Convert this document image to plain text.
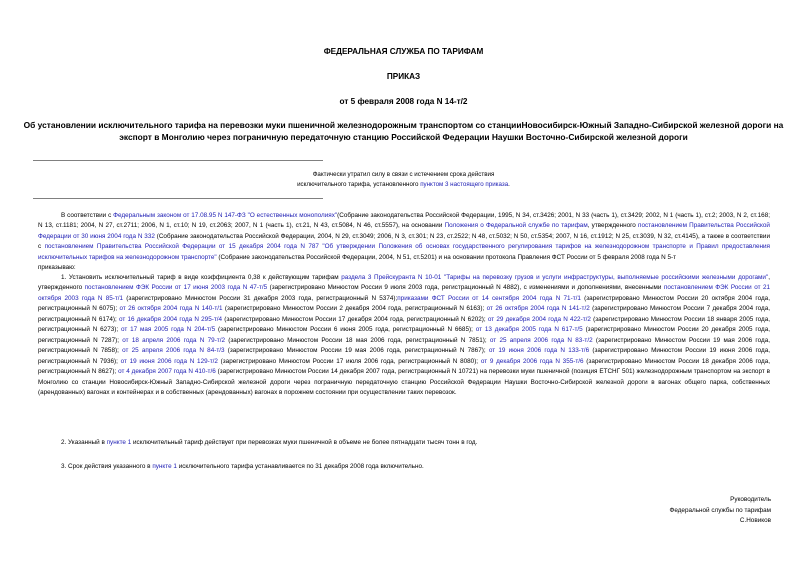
ФЕДЕРАЛЬНАЯ СЛУЖБА ПО ТАРИФАМ
ПРИКАЗ
от 5 февраля 2008 года N 14-т/2
Об установлении исключительного тарифа на перевозки муки пшеничной железнодорожным транспортом со станцииНовосибирск-Южный Западно-Сибирской железной дороги на экспорт в Монголию через пограничную передаточную станцию Российской Федерации Наушки Восточно-Сибирской железной дороги
Фактически утратил силу в связи с истечением срока действия
исключительного тарифа, установленного пунктом 3 настоящего приказа.

В соответствии с Федеральным законом от 17.08.95 N 147-ФЗ "О естественных монополиях"(Собрание законодательства Российской Федерации, 1995, N 34, ст.3426; 2001, N 33 (часть 1), ст.3429; 2002, N 1 (часть 1), ст.2; 2003, N 2, ст.168; N 13, ст.1181; 2004, N 27, ст.2711; 2006, N 1, ст.10; N 19, ст.2063; 2007, N 1 (часть 1), ст.21, N 43, ст.5084, N 46, ст.5557), на основании Положения о Федеральной службе по тарифам, утвержденного постановлением Правительства Российской Федерации от 30 июня 2004 года N 332 (Собрание законодательства Российской Федерации, 2004, N 29, ст.3049; 2006, N 3, ст.301; N 23, ст.2522; N 48, ст.5032; N 50, ст.5354; 2007, N 16, ст.1912; N 25, ст.3039, N 32, ст.4145), а также в соответствии с постановлением Правительства Российской Федерации от 15 декабря 2004 года N 787 "Об утверждении Положения об основах государственного регулирования тарифов на железнодорожном транспорте и Правил предоставления исключительных тарифов на железнодорожном транспорте" (Собрание законодательства Российской Федерации, 2004, N 51, ст.5201) и на основании протокола Правления ФСТ России от 5 февраля 2008 года N 5-т

приказываю:

1. Установить исключительный тариф в виде коэффициента 0,38 к действующим тарифам раздела 3 Прейскуранта N 10-01 "Тарифы на перевозку грузов и услуги инфраструктуры, выполняемые российскими железными дорогами", утвержденного постановлением ФЭК России от 17 июня 2003 года N 47-т/5 (зарегистрировано Минюстом России 9 июля 2003 года, регистрационный N 4882), с изменениями и дополнениями, внесенными постановлением ФЭК России от 21 октября 2003 года N 85-т/1 (зарегистрировано Минюстом России 31 декабря 2003 года, регистрационный N 5374);приказами ФСТ России от 14 сентября 2004 года N 71-т/1 (зарегистрировано Минюстом России 20 октября 2004 года, регистрационный N 6075); от 26 октября 2004 года N 140-т/1 (зарегистрировано Минюстом России 2 декабря 2004 года, регистрационный N 6163); от 26 октября 2004 года N 141-т/2 (зарегистрировано Минюстом России 7 декабря 2004 года, регистрационный N 6174); от 16 декабря 2004 года N 295-т/4 (зарегистрировано Минюстом России 17 декабря 2004 года, регистрационный N 6202); от 29 декабря 2004 года N 422-т/2 (зарегистрировано Минюстом России 18 января 2005 года, регистрационный N 6273); от 17 мая 2005 года N 204-т/5 (зарегистрировано Минюстом России 6 июня 2005 года, регистрационный N 6685); от 13 декабря 2005 года N 617-т/5 (зарегистрировано Минюстом России 20 декабря 2005 года, регистрационный N 7287); от 18 апреля 2006 года N 79-т/2 (зарегистрировано Минюстом России 18 мая 2006 года, регистрационный N 7851); от 25 апреля 2006 года N 83-т/2 (зарегистрировано Минюстом России 19 мая 2006 года, регистрационный N 7858); от 25 апреля 2006 года N 84-т/3 (зарегистрировано Минюстом России 19 мая 2006 года, регистрационный N 7867); от 19 июня 2006 года N 133-т/6 (зарегистрировано Минюстом России 19 июня 2006 года, регистрационный N 7936); от 19 июня 2006 года N 129-т/2 (зарегистрировано Минюстом России 17 июля 2006 года, регистрационный N 8080); от 9 декабря 2006 года N 355-т/6 (зарегистрировано Минюстом России 18 декабря 2006 года, регистрационный N 8627); от 4 декабря 2007 года N 410-т/6 (зарегистрировано Минюстом России 14 декабря 2007 года, регистрационный N 10721) на перевозки муки пшеничной (позиция ЕТСНГ 501) железнодорожным транспортом на экспорт в Монголию со станции Новосибирск-Южный Западно-Сибирской железной дороги через пограничную передаточную станцию Российской Федерации Наушки Восточно-Сибирской железной дороги в вагонах общего парка, собственных (арендованных) вагонах и контейнерах и в собственных (арендованных) вагонах в порожнем состоянии при осуществлении таких перевозок.

2. Указанный в пункте 1 исключительный тариф действует при перевозках муки пшеничной в объеме не более пятнадцати тысяч тонн в год.

3. Срок действия указанного в пункте 1 исключительного тарифа устанавливается по 31 декабря 2008 года включительно.

Руководитель
Федеральной службы по тарифам
С.Новиков
